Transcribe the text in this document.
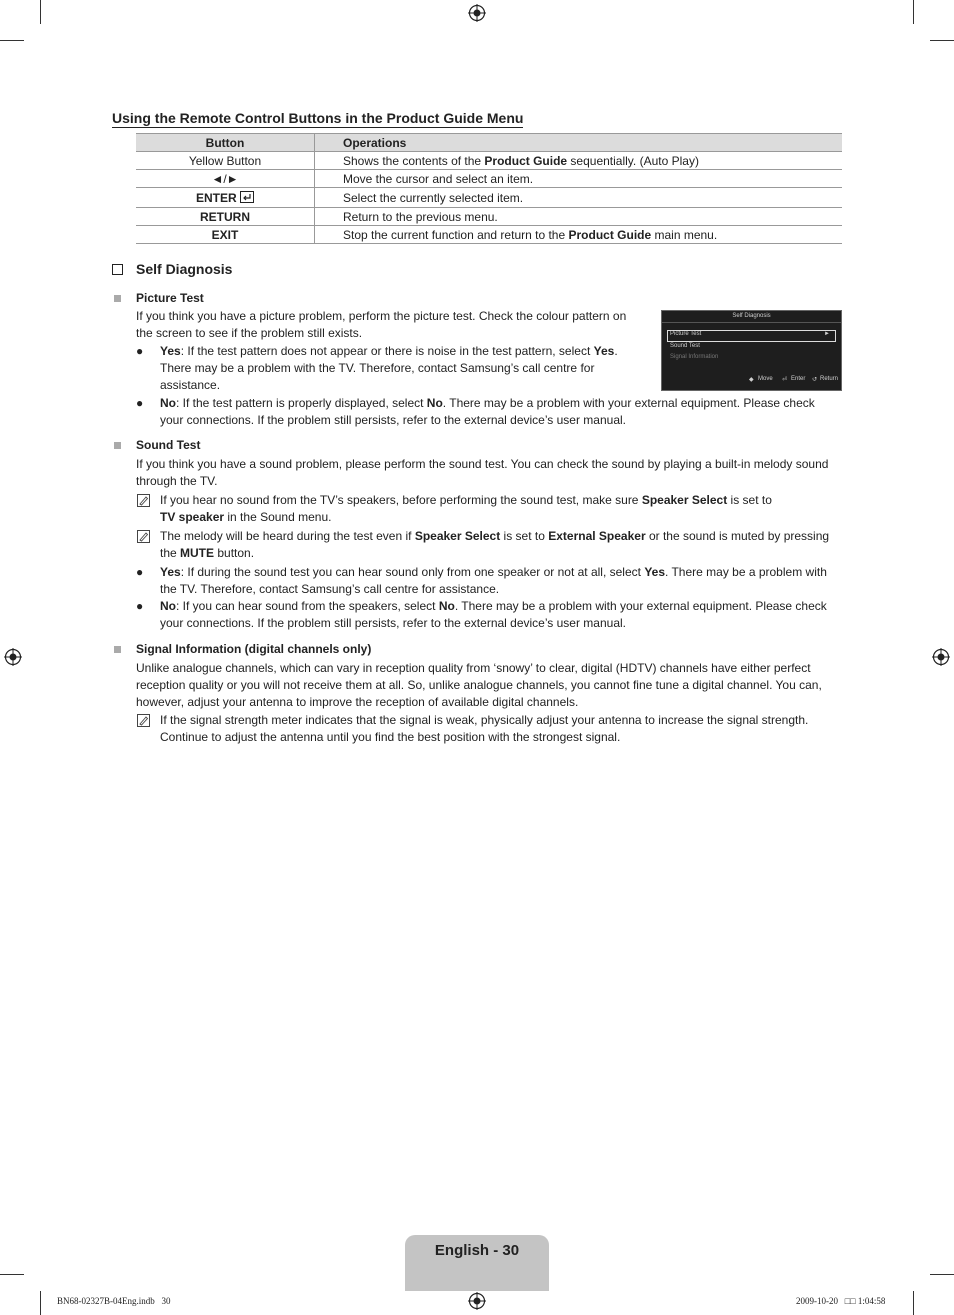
Using the Remote Control Buttons in the Product Guide Menu
Button	Operations
Yellow Button	Shows the contents of the Product Guide sequentially. (Auto Play)
◄/►	Move the cursor and select an item.
ENTER	Select the currently selected item.
RETURN	Return to the previous menu.
EXIT	Stop the current function and return to the Product Guide main menu.
Self Diagnosis
Picture Test
If you think you have a picture problem, perform the picture test. Check the colour pattern on
the screen to see if the problem still exists.
● Yes: If the test pattern does not appear or there is noise in the test pattern, select Yes.
There may be a problem with the TV. Therefore, contact Samsung’s call centre for
assistance.
● No: If the test pattern is properly displayed, select No. There may be a problem with your external equipment. Please check
your connections. If the problem still persists, refer to the external device’s user manual.
Self Diagnosis
Picture Test	►
Sound Test
Signal Information
◆ Move ⏎ Enter ↺ Return
Sound Test
If you think you have a sound problem, please perform the sound test. You can check the sound by playing a built-in melody sound
through the TV.
If you hear no sound from the TV’s speakers, before performing the sound test, make sure Speaker Select is set to
TV speaker in the Sound menu.
The melody will be heard during the test even if Speaker Select is set to External Speaker or the sound is muted by pressing
the MUTE button.
● Yes: If during the sound test you can hear sound only from one speaker or not at all, select Yes. There may be a problem with
the TV. Therefore, contact Samsung’s call centre for assistance.
● No: If you can hear sound from the speakers, select No. There may be a problem with your external equipment. Please check
your connections. If the problem still persists, refer to the external device’s user manual.
Signal Information (digital channels only)
Unlike analogue channels, which can vary in reception quality from ‘snowy’ to clear, digital (HDTV) channels have either perfect
reception quality or you will not receive them at all. So, unlike analogue channels, you cannot fine tune a digital channel. You can,
however, adjust your antenna to improve the reception of available digital channels.
If the signal strength meter indicates that the signal is weak, physically adjust your antenna to increase the signal strength.
Continue to adjust the antenna until you find the best position with the strongest signal.
English - 30
BN68-02327B-04Eng.indb   30	2009-10-20   □□ 1:04:58
